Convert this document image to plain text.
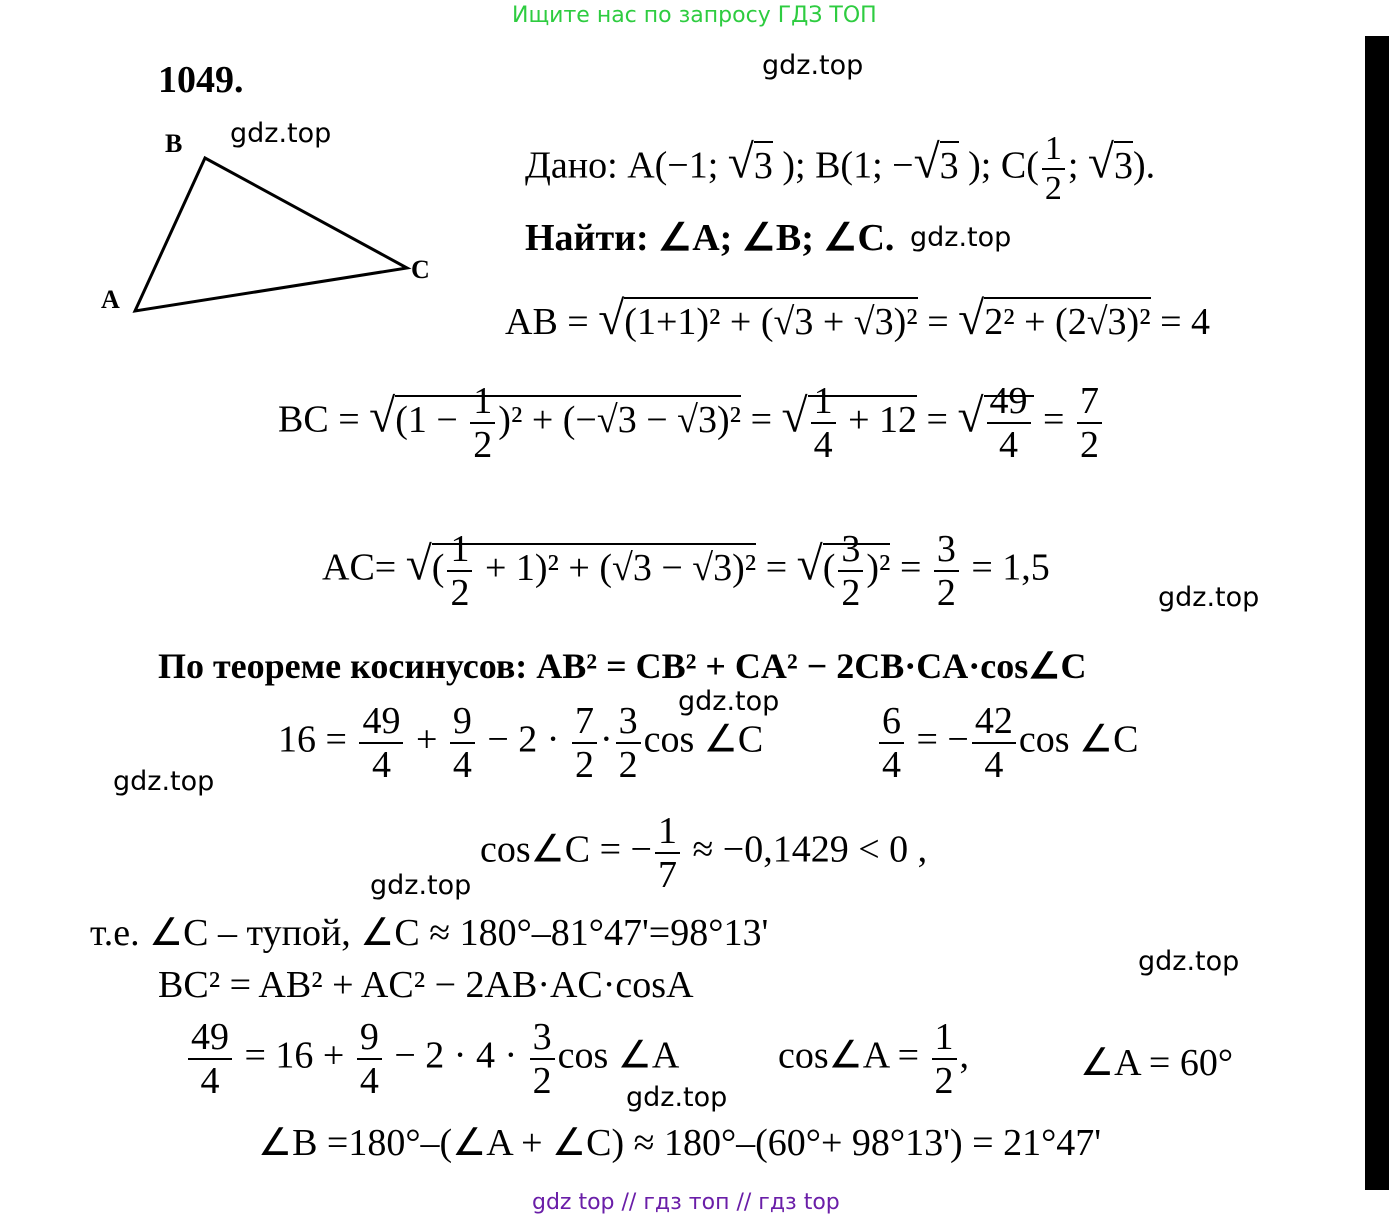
Ищите нас по запросу ГДЗ ТОП
1049.	gdz.top
gdz.top
gdz.top
gdz.top
gdz.top
gdz.top
gdz.top
gdz.top
gdz.top
B
C
A
Дано: A(−1; √3 ); B(1; −√3 ); $C( \frac{1}{2}$ ; √3).
Найти: ∠A; ∠B; ∠C.
AB = √(1+1)² + (√3 + √3)² = √2² + (2√3)² = 4
BC = $√(1 - \frac{1}{2} )^2 + (-√3 - √3)^2$ = √ $\frac{1}{4} + 12$ = √ $\frac{49}{4} = \frac{7}{2}$
AC= √( $\frac{1}{2} + 1)^2 + (√3 - √3)^2$ = √( $\frac{3}{2} )^2 = \frac{3}{2} = 1,5$
По теореме косинусов: AB² = CB² + CA² − 2CB·CA·cos∠C
$16 = \frac{49}{4} + \frac{9}{4} - 2 \cdot \frac{7}{2} \cdot \frac{3}{2}$ cos ∠C	$\frac{6}{4}$ = − $\frac{42}{4}$ cos ∠C
cos∠C = − $\frac{1}{7} \approx -0,1429 < 0$ ,
т.е. ∠C – тупой, ∠C ≈ 180°–81°47'=98°13'
BC² = AB² + AC² − 2AB·AC·cosA
$\frac{49}{4} = 16 + \frac{9}{4} - 2 \cdot 4 \cdot \frac{3}{2}$ cos ∠A	cos∠A = $\frac{1}{2}$ ,	∠A = 60°
∠B =180°–(∠A + ∠C) ≈ 180°–(60°+ 98°13') = 21°47'
gdz top // гдз топ // гдз top
